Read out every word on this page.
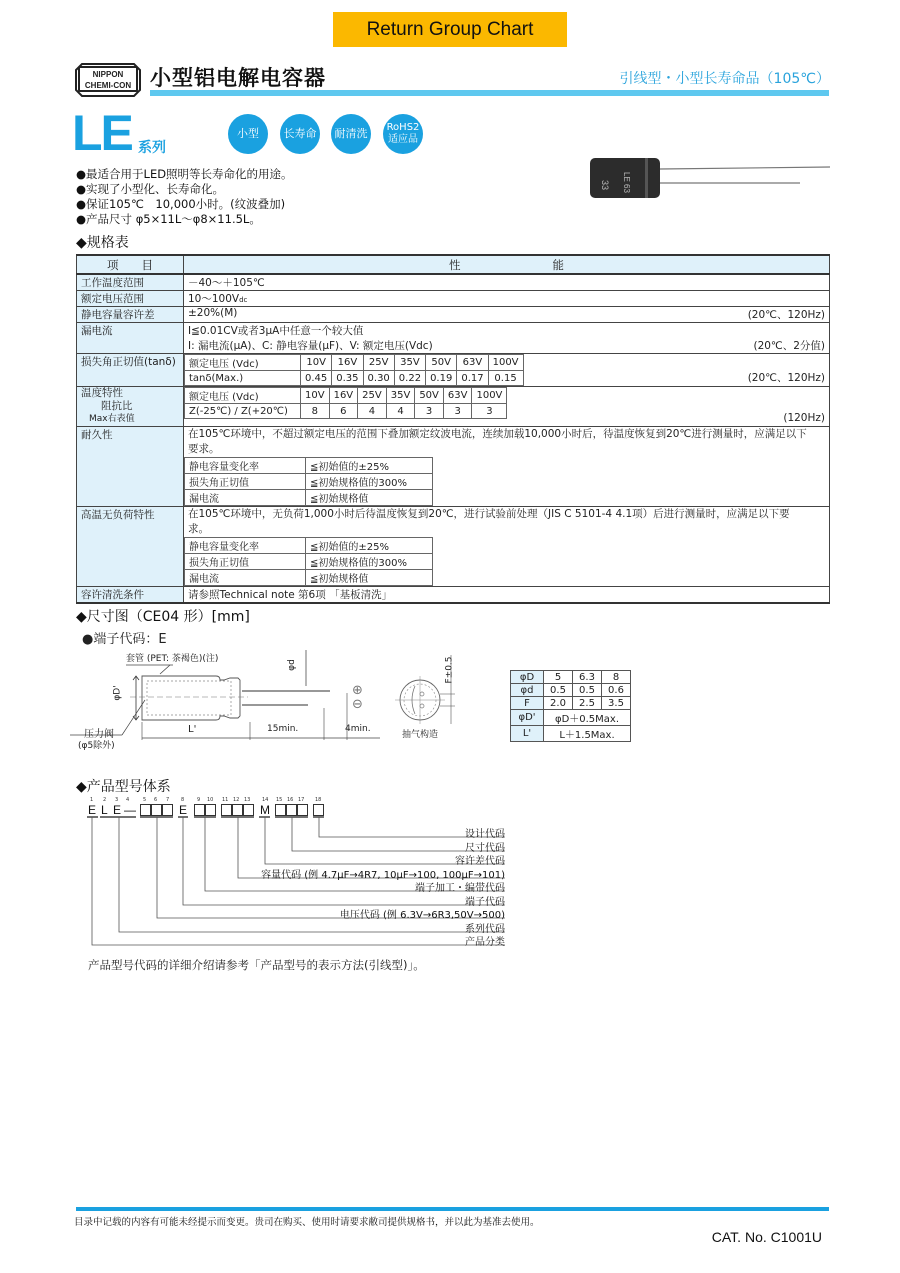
Return Group Chart
NIPPON
CHEMI-CON 小型铝电解电容器	引线型・小型长寿命品（105℃）
LE 系列
小型	长寿命	耐清洗	RoHS2
适应品
33 LE 63
●最适合用于LED照明等长寿命化的用途。
●实现了小型化、长寿命化。
●保证105℃　10,000小时。(纹波叠加)
●产品尺寸 φ5×11L～φ8×11.5L。
◆规格表
项　　目	性　　　　　　　　能
工作温度范围	－40～＋105℃
额定电压范围	10～100Vdc
静电容量容许差	±20%(M)	(20℃、120Hz)

漏电流	I≦0.01CV或者3μA中任意一个较大值
I: 漏电流(μA)、C: 静电容量(μF)、V: 额定电压(Vdc)	(20℃、2分值)

损失角正切值(tanδ)	额定电压 (Vdc)	10V	16V	25V	35V	50V	63V	100V
tanδ(Max.)	0.45	0.35	0.30	0.22	0.19	0.17	0.15	(20℃、120Hz)

温度特性
阻抗比
Max右表值

额定电压 (Vdc)	10V	16V	25V	35V	50V	63V	100V
Z(-25℃) / Z(+20℃)	8	6	4	4	3	3	3
(120Hz)

耐久性	在105℃环境中，不超过额定电压的范围下叠加额定纹波电流，连续加载10,000小时后，待温度恢复到20℃进行测量时，应满足以下要求。
静电容量变化率	≦初始值的±25%
损失角正切值	≦初始规格值的300%
漏电流	≦初始规格值

高温无负荷特性	在105℃环境中，无负荷1,000小时后待温度恢复到20℃，进行试验前处理（JIS C 5101-4 4.1项）后进行测量时，应满足以下要求。
静电容量变化率	≦初始值的±25%
损失角正切值	≦初始规格值的300%
漏电流	≦初始规格值

容许清洗条件	请参照Technical note 第6项 「基板清洗」
◆尺寸图（CE04 形）[mm]
●端子代码：E
套管 (PET: 茶褐色)(注)
φd
φD'
L'	15min.	4min.
⊕
⊖
压力阀
(φ5除外)
F±0.5
抽气构造
φD	5	6.3	8
φd	0.5	0.5	0.6
F	2.0	2.5	3.5
φD'	φD＋0.5Max.		
L'	L＋1.5Max.		
◆产品型号体系
1 2 3 4	5 6 7 8	9 10 11 12 13 14 15 16 17 18
E L E —	E	M
设计代码
尺寸代码
容许差代码
容量代码 (例 4.7μF→4R7, 10μF→100, 100μF→101)
端子加工・编带代码
端子代码
电压代码 (例 6.3V→6R3,50V→500)
系列代码
产品分类
产品型号代码的详细介绍请参考「产品型号的表示方法(引线型)」。
目录中记载的内容有可能未经提示而变更。贵司在购买、使用时请要求敝司提供规格书，并以此为基准去使用。
CAT. No. C1001U
